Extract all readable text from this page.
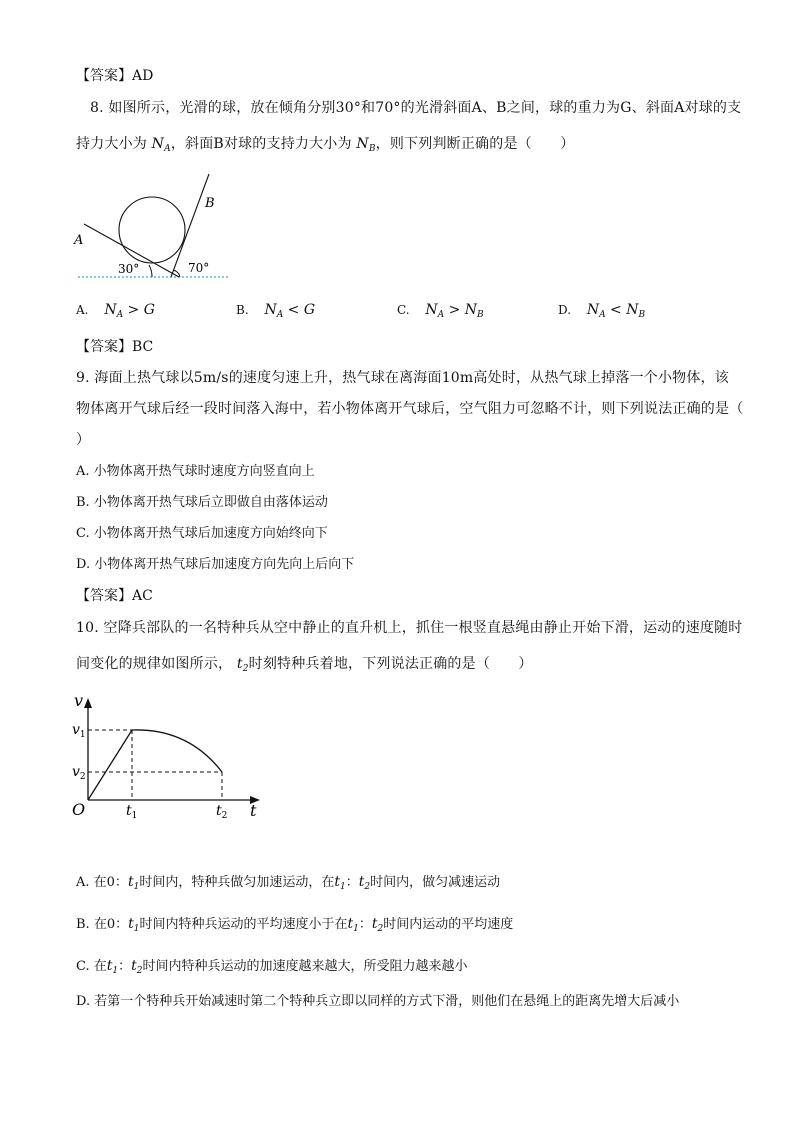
【答案】AD
8. 如图所示，光滑的球，放在倾角分别30°和70°的光滑斜面A、B之间，球的重力为G、斜面A对球的支
持力大小为 $N_A$，斜面B对球的支持力大小为 $N_B$，则下列判断正确的是（　　）
A
B
30°	70°
A. $N_A > G$	B. $N_A < G$	C. $N_A > N_B$	D. $N_A < N_B$
【答案】BC
9. 海面上热气球以5m/s的速度匀速上升，热气球在离海面10m高处时，从热气球上掉落一个小物体，该
物体离开气球后经一段时间落入海中，若小物体离开气球后，空气阻力可忽略不计，则下列说法正确的是（
）
A. 小物体离开热气球时速度方向竖直向上
B. 小物体离开热气球后立即做自由落体运动
C. 小物体离开热气球后加速度方向始终向下
D. 小物体离开热气球后加速度方向先向上后向下
【答案】AC
10. 空降兵部队的一名特种兵从空中静止的直升机上，抓住一根竖直悬绳由静止开始下滑，运动的速度随时
间变化的规律如图所示， $t_2$时刻特种兵着地，下列说法正确的是（　　）
v
t
O
$v_1$
$v_2$
$t_1$	$t_2$
A. 在0：$t_1$时间内，特种兵做匀加速运动，在$t_1$：$t_2$时间内，做匀减速运动
B. 在0：$t_1$时间内特种兵运动的平均速度小于在$t_1$：$t_2$时间内运动的平均速度
C. 在$t_1$：$t_2$时间内特种兵运动的加速度越来越大，所受阻力越来越小
D. 若第一个特种兵开始减速时第二个特种兵立即以同样的方式下滑，则他们在悬绳上的距离先增大后减小
